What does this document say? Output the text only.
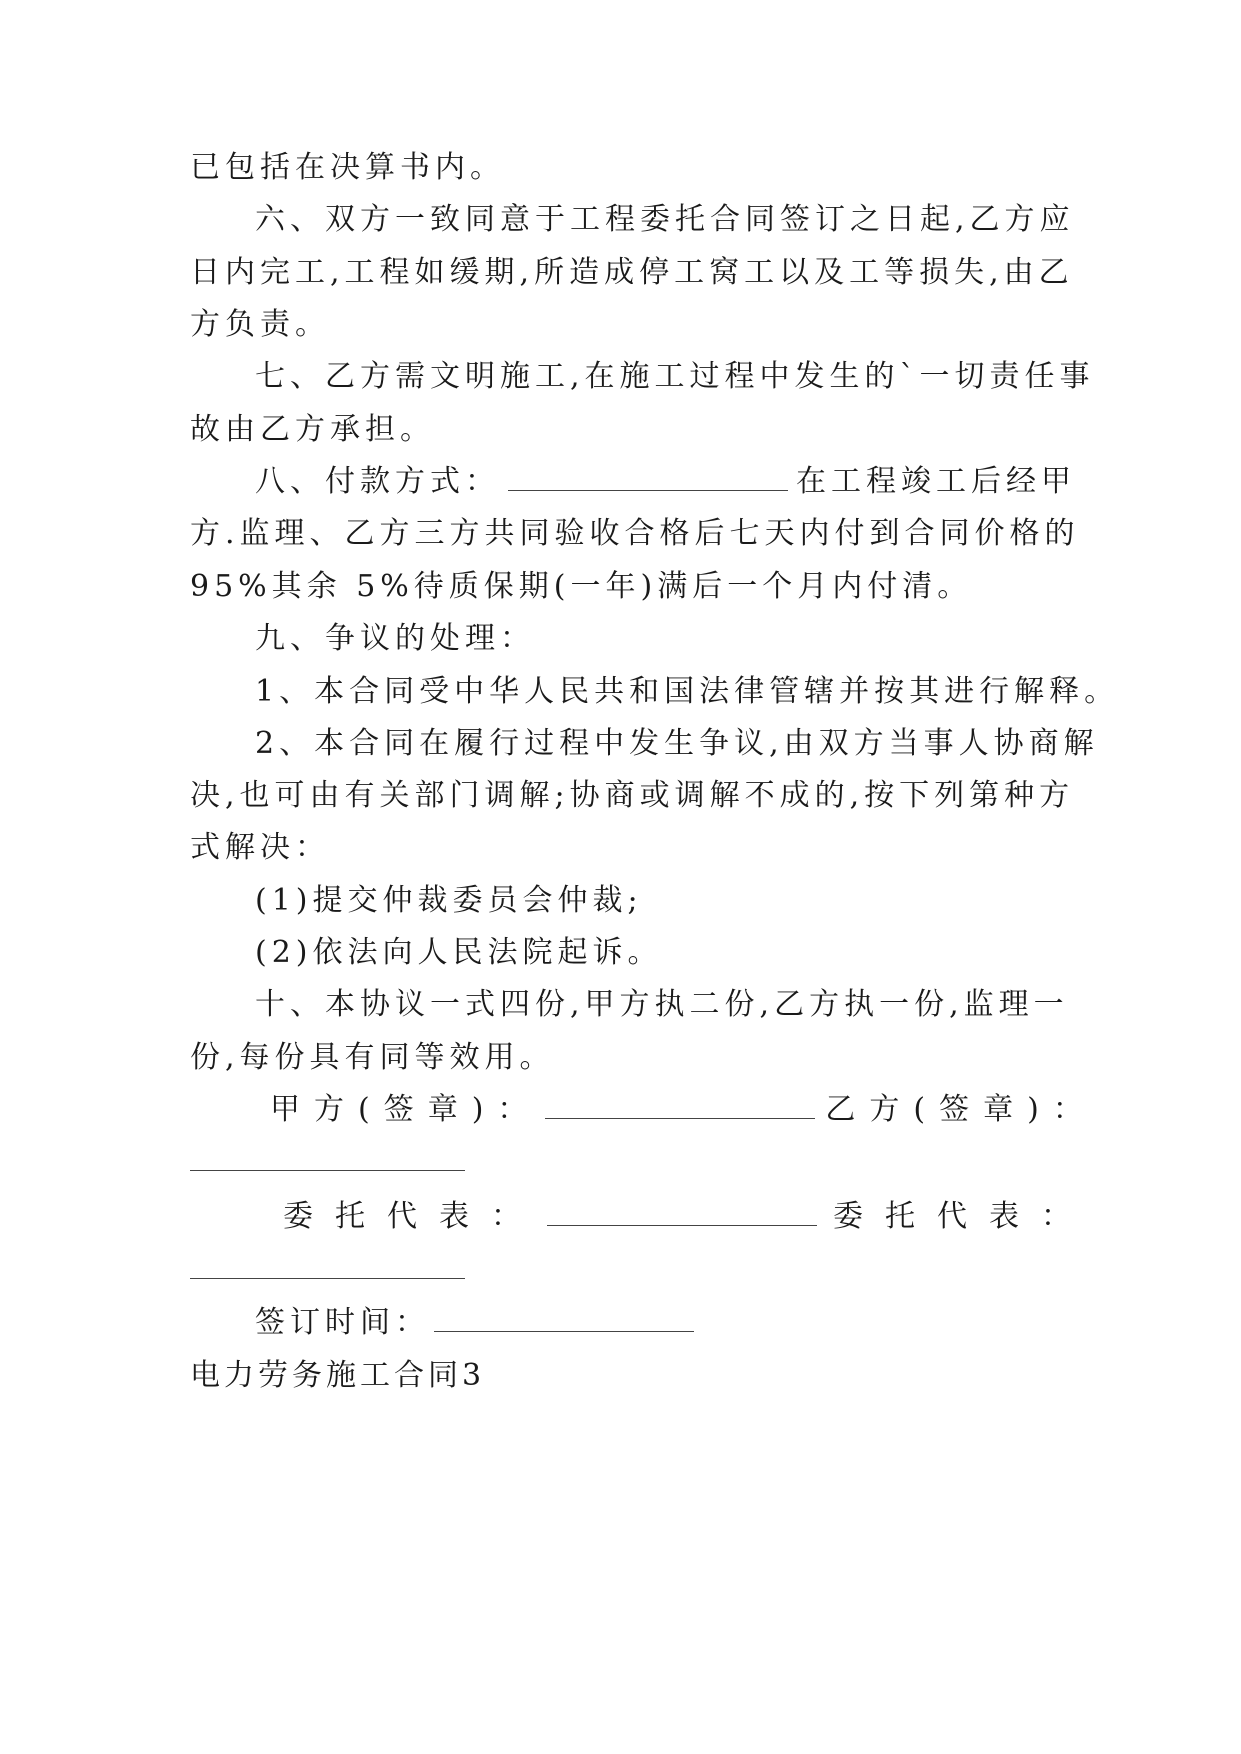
已包括在决算书内。
六、双方一致同意于工程委托合同签订之日起,乙方应
日内完工,工程如缓期,所造成停工窝工以及工等损失,由乙
方负责。
七、乙方需文明施工,在施工过程中发生的`一切责任事
故由乙方承担。
八、付款方式：	在工程竣工后经甲
方.监理、乙方三方共同验收合格后七天内付到合同价格的
95%其余 5%待质保期(一年)满后一个月内付清。
九、争议的处理：
1、本合同受中华人民共和国法律管辖并按其进行解释。
2、本合同在履行过程中发生争议,由双方当事人协商解
决,也可由有关部门调解;协商或调解不成的,按下列第种方
式解决：
(1)提交仲裁委员会仲裁;
(2)依法向人民法院起诉。
十、本协议一式四份,甲方执二份,乙方执一份,监理一
份,每份具有同等效用。
甲方(签章)：	乙方(签章)：
委托代表：	委托代表：
签订时间：
电力劳务施工合同3
